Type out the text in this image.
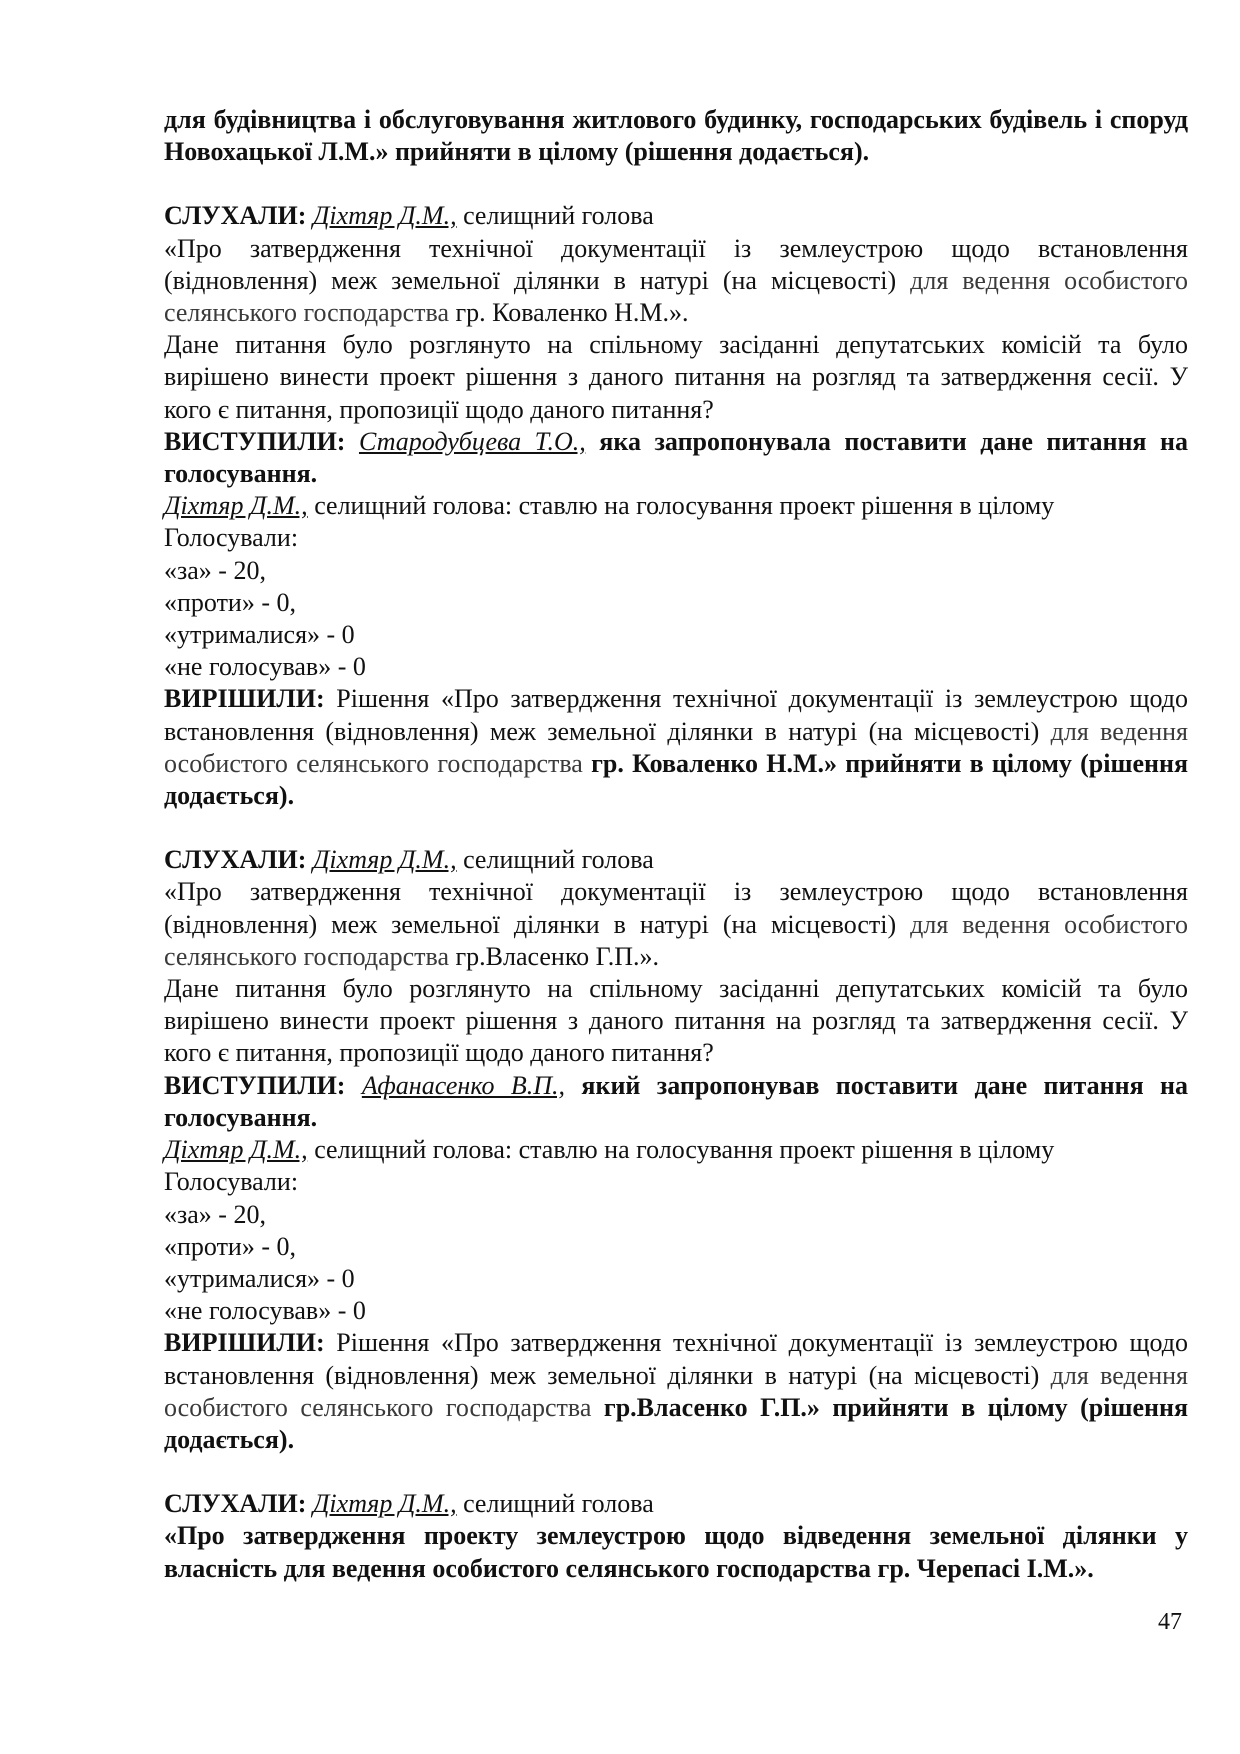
для будівництва і обслуговування житлового будинку, господарських будівель і споруд Новохацької Л.М.» прийняти в цілому (рішення додається).

СЛУХАЛИ: Діхтяр Д.М., селищний голова

«Про затвердження технічної документації із землеустрою щодо встановлення (відновлення) меж земельної ділянки в натурі (на місцевості) для ведення особистого селянського господарства гр. Коваленко Н.М.».

Дане питання було розглянуто на спільному засіданні депутатських комісій та було вирішено винести проект рішення з даного питання на розгляд та затвердження сесії. У кого є питання, пропозиції щодо даного питання?

ВИСТУПИЛИ: Стародубцева Т.О., яка запропонувала поставити дане питання на голосування.

Діхтяр Д.М., селищний голова: ставлю на голосування проект рішення в цілому

Голосували:

«за» - 20,

«проти» - 0,

«утрималися» - 0

«не голосував» - 0

ВИРІШИЛИ: Рішення «Про затвердження технічної документації із землеустрою щодо встановлення (відновлення) меж земельної ділянки в натурі (на місцевості) для ведення особистого селянського господарства гр. Коваленко Н.М.» прийняти в цілому (рішення додається).

СЛУХАЛИ: Діхтяр Д.М., селищний голова

«Про затвердження технічної документації із землеустрою щодо встановлення (відновлення) меж земельної ділянки в натурі (на місцевості) для ведення особистого селянського господарства гр.Власенко Г.П.».

Дане питання було розглянуто на спільному засіданні депутатських комісій та було вирішено винести проект рішення з даного питання на розгляд та затвердження сесії. У кого є питання, пропозиції щодо даного питання?

ВИСТУПИЛИ: Афанасенко В.П., який запропонував поставити дане питання на голосування.

Діхтяр Д.М., селищний голова: ставлю на голосування проект рішення в цілому

Голосували:

«за» - 20,

«проти» - 0,

«утрималися» - 0

«не голосував» - 0

ВИРІШИЛИ: Рішення «Про затвердження технічної документації із землеустрою щодо встановлення (відновлення) меж земельної ділянки в натурі (на місцевості) для ведення особистого селянського господарства гр.Власенко Г.П.» прийняти в цілому (рішення додається).

СЛУХАЛИ: Діхтяр Д.М., селищний голова

«Про затвердження проекту землеустрою щодо відведення земельної ділянки у власність для ведення особистого селянського господарства гр. Черепасі І.М.».

47
